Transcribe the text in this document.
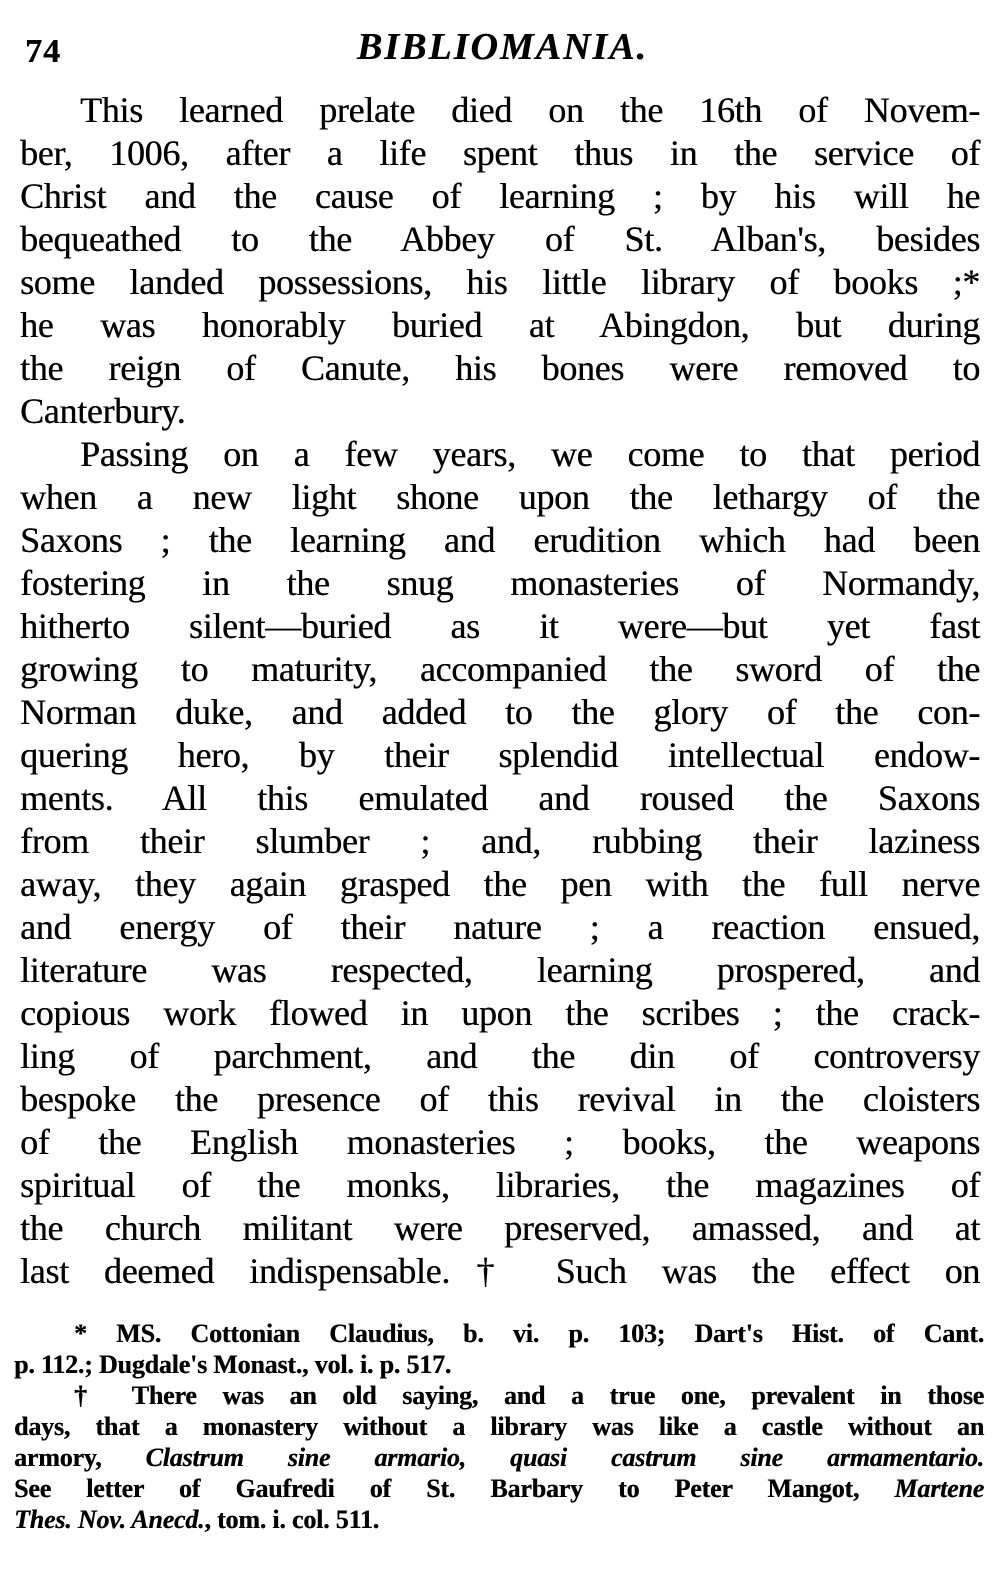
74	BIBLIOMANIA.
This learned prelate died on the 16th of Novem-
ber, 1006, after a life spent thus in the service of
Christ and the cause of learning ; by his will he
bequeathed to the Abbey of St. Alban's, besides
some landed possessions, his little library of books ;*
he was honorably buried at Abingdon, but during
the reign of Canute, his bones were removed to
Canterbury.
Passing on a few years, we come to that period
when a new light shone upon the lethargy of the
Saxons ; the learning and erudition which had been
fostering in the snug monasteries of Normandy,
hitherto silent—buried as it were—but yet fast
growing to maturity, accompanied the sword of the
Norman duke, and added to the glory of the con-
quering hero, by their splendid intellectual endow-
ments. All this emulated and roused the Saxons
from their slumber ; and, rubbing their laziness
away, they again grasped the pen with the full nerve
and energy of their nature ; a reaction ensued,
literature was respected, learning prospered, and
copious work flowed in upon the scribes ; the crack-
ling of parchment, and the din of controversy
bespoke the presence of this revival in the cloisters
of the English monasteries ; books, the weapons
spiritual of the monks, libraries, the magazines of
the church militant were preserved, amassed, and at
last deemed indispensable.† Such was the effect on
* MS. Cottonian Claudius, b. vi. p. 103; Dart's Hist. of Cant.
p. 112.; Dugdale's Monast., vol. i. p. 517.
† There was an old saying, and a true one, prevalent in those
days, that a monastery without a library was like a castle without an
armory, Clastrum sine armario, quasi castrum sine armamentario.
See letter of Gaufredi of St. Barbary to Peter Mangot, Martene
Thes. Nov. Anecd., tom. i. col. 511.
